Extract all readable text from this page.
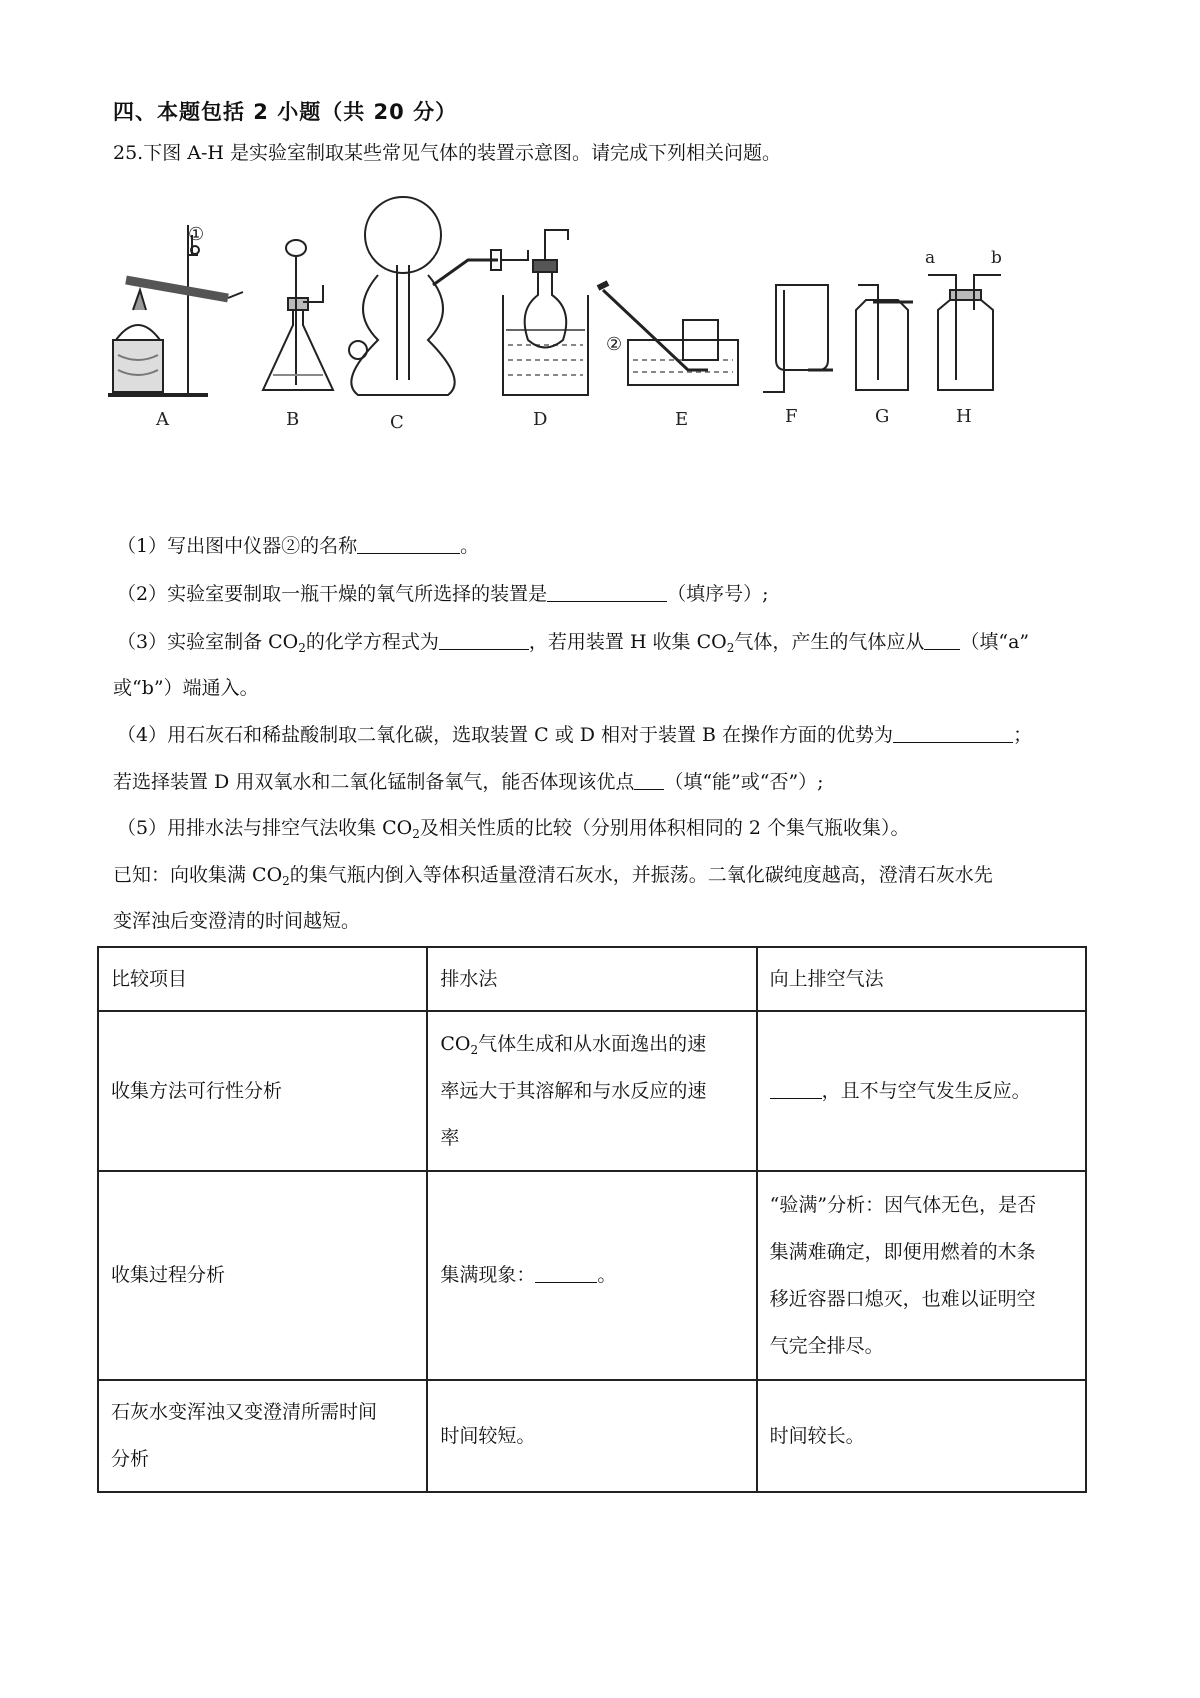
四、本题包括 2 小题（共 20 分）
25.下图 A-H 是实验室制取某些常见气体的装置示意图。请完成下列相关问题。
①
A	B	C	D
②
E	F	G
a	b
H
（1）写出图中仪器②的名称	。
（2）实验室要制取一瓶干燥的氧气所选择的装置是	（填序号）;
（3）实验室制备 $CO_2$的化学方程式为	，若用装置 H 收集 $CO_2$气体，产生的气体应从 （填“a”
或“b”）端通入。
（4）用石灰石和稀盐酸制取二氧化碳，选取装置 C 或 D 相对于装置 B 在操作方面的优势为	；
若选择装置 D 用双氧水和二氧化锰制备氧气，能否体现该优点 （填“能”或“否”）;
（5）用排水法与排空气法收集 $CO_2$及相关性质的比较（分别用体积相同的 2 个集气瓶收集）。
已知：向收集满 $CO_2$的集气瓶内倒入等体积适量澄清石灰水，并振荡。二氧化碳纯度越高，澄清石灰水先
变浑浊后变澄清的时间越短。
比较项目	排水法	向上排空气法
收集方法可行性分析	$CO_2$气体生成和从水面逸出的速
率远大于其溶解和与水反应的速
率	，且不与空气发生反应。
收集过程分析	集满现象： 。	“验满”分析：因气体无色，是否
集满难确定，即便用燃着的木条
移近容器口熄灭，也难以证明空
气完全排尽。
石灰水变浑浊又变澄清所需时间
分析	时间较短。	时间较长。
